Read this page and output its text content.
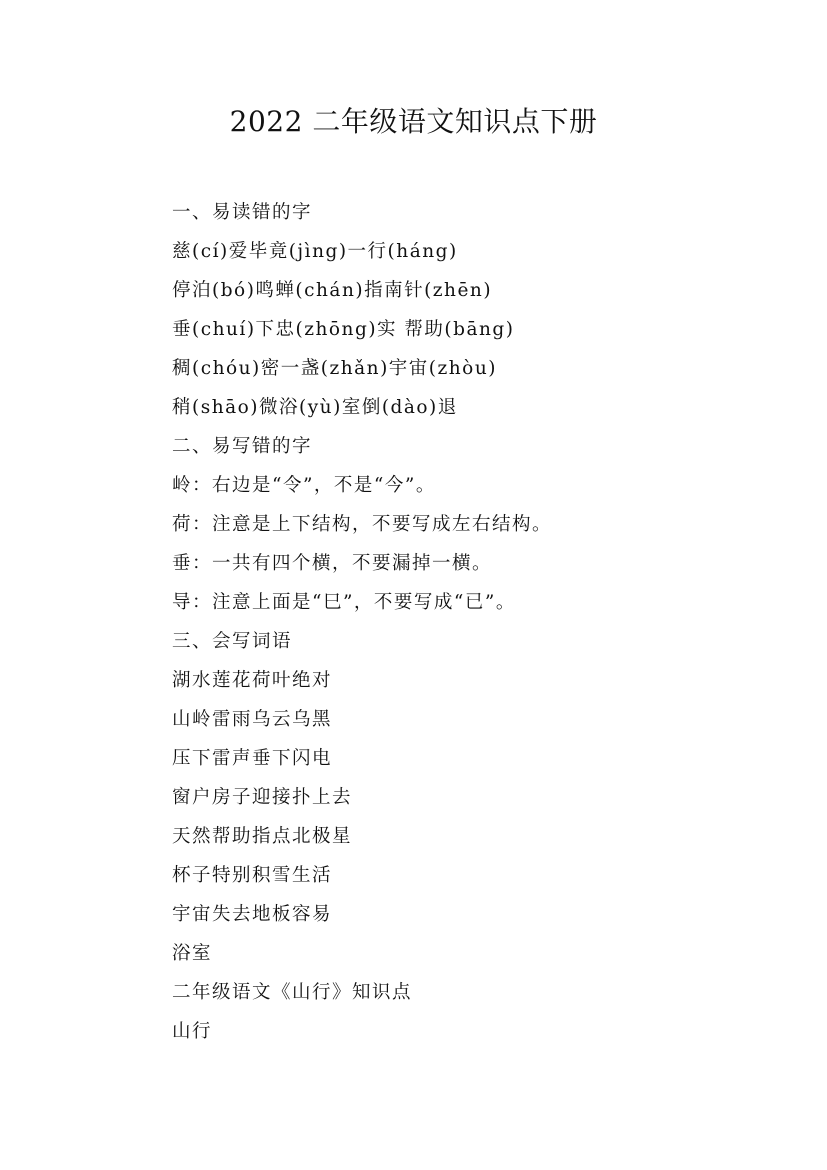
2022 二年级语文知识点下册
一、易读错的字
慈(cí)爱毕竟(jìng)一行(háng)
停泊(bó)鸣蝉(chán)指南针(zhēn)
垂(chuí)下忠(zhōng)实 帮助(bāng)
稠(chóu)密一盏(zhǎn)宇宙(zhòu)
稍(shāo)微浴(yù)室倒(dào)退
二、易写错的字
岭：右边是“令”，不是“今”。
荷：注意是上下结构，不要写成左右结构。
垂：一共有四个横，不要漏掉一横。
导：注意上面是“巳”，不要写成“已”。
三、会写词语
湖水莲花荷叶绝对
山岭雷雨乌云乌黑
压下雷声垂下闪电
窗户房子迎接扑上去
天然帮助指点北极星
杯子特别积雪生活
宇宙失去地板容易
浴室
二年级语文《山行》知识点
山行
